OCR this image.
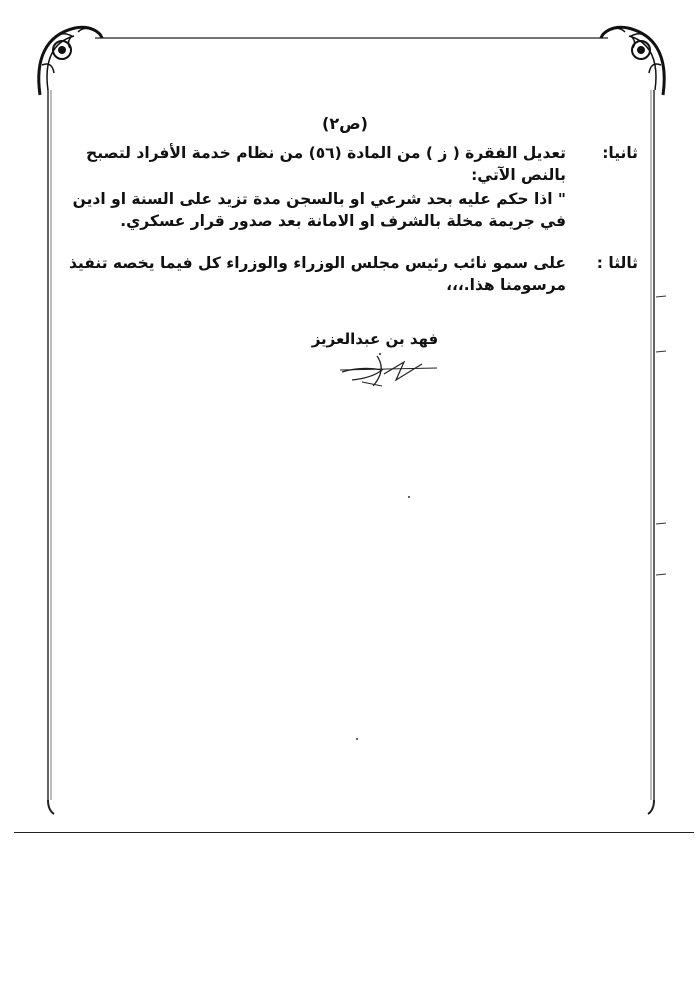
(ص٢)
ثانيا:
تعديل الفقرة ( ز ) من المادة (٥٦) من نظام خدمة الأفراد لتصبح بالنص الآتي:
" اذا حكم عليه بحد شرعي او بالسجن مدة تزيد على السنة او ادين في جريمة مخلة بالشرف او الامانة بعد صدور قرار عسكري.
ثالثا :
على سمو نائب رئيس مجلس الوزراء والوزراء كل فيما يخصه تنفيذ مرسومنا هذا.،،،
فهد بن عبدالعزيز
